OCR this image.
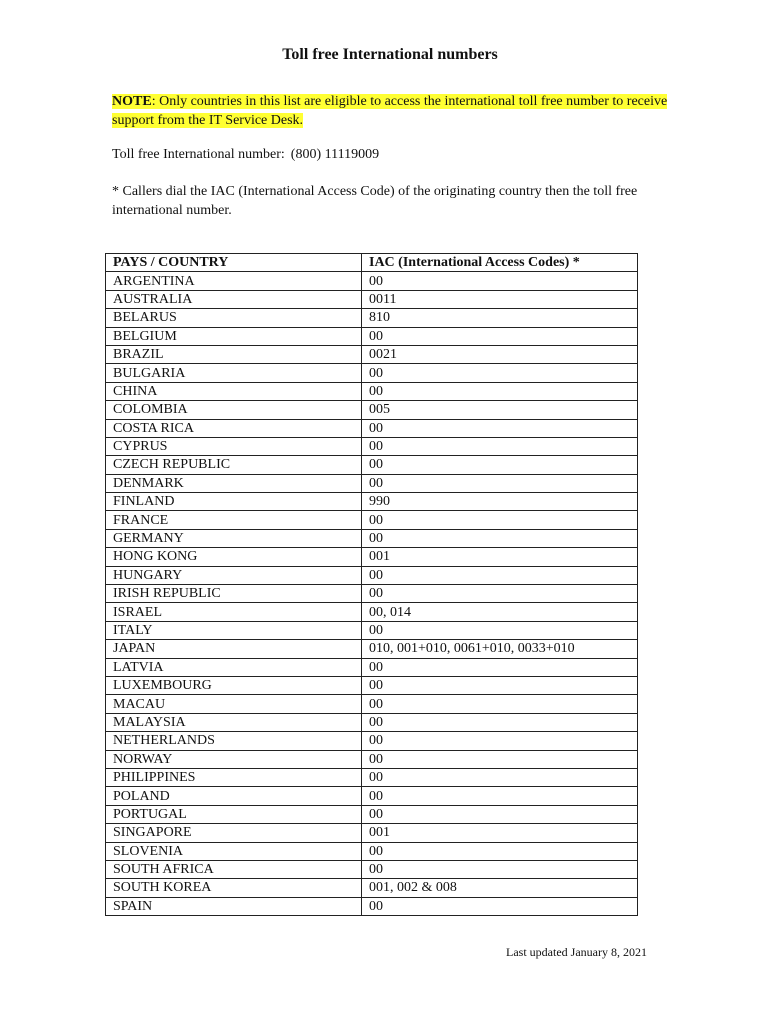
Toll free International numbers
NOTE: Only countries in this list are eligible to access the international toll free number to receive support from the IT Service Desk.
Toll free International number: (800) 11119009
* Callers dial the IAC (International Access Code) of the originating country then the toll free international number.
PAYS / COUNTRY	IAC (International Access Codes) *
ARGENTINA	00
AUSTRALIA	0011
BELARUS	810
BELGIUM	00
BRAZIL	0021
BULGARIA	00
CHINA	00
COLOMBIA	005
COSTA RICA	00
CYPRUS	00
CZECH REPUBLIC	00
DENMARK	00
FINLAND	990
FRANCE	00
GERMANY	00
HONG KONG	001
HUNGARY	00
IRISH REPUBLIC	00
ISRAEL	00, 014
ITALY	00
JAPAN	010, 001+010, 0061+010, 0033+010
LATVIA	00
LUXEMBOURG	00
MACAU	00
MALAYSIA	00
NETHERLANDS	00
NORWAY	00
PHILIPPINES	00
POLAND	00
PORTUGAL	00
SINGAPORE	001
SLOVENIA	00
SOUTH AFRICA	00
SOUTH KOREA	001, 002 & 008
SPAIN	00
Last updated January 8, 2021
